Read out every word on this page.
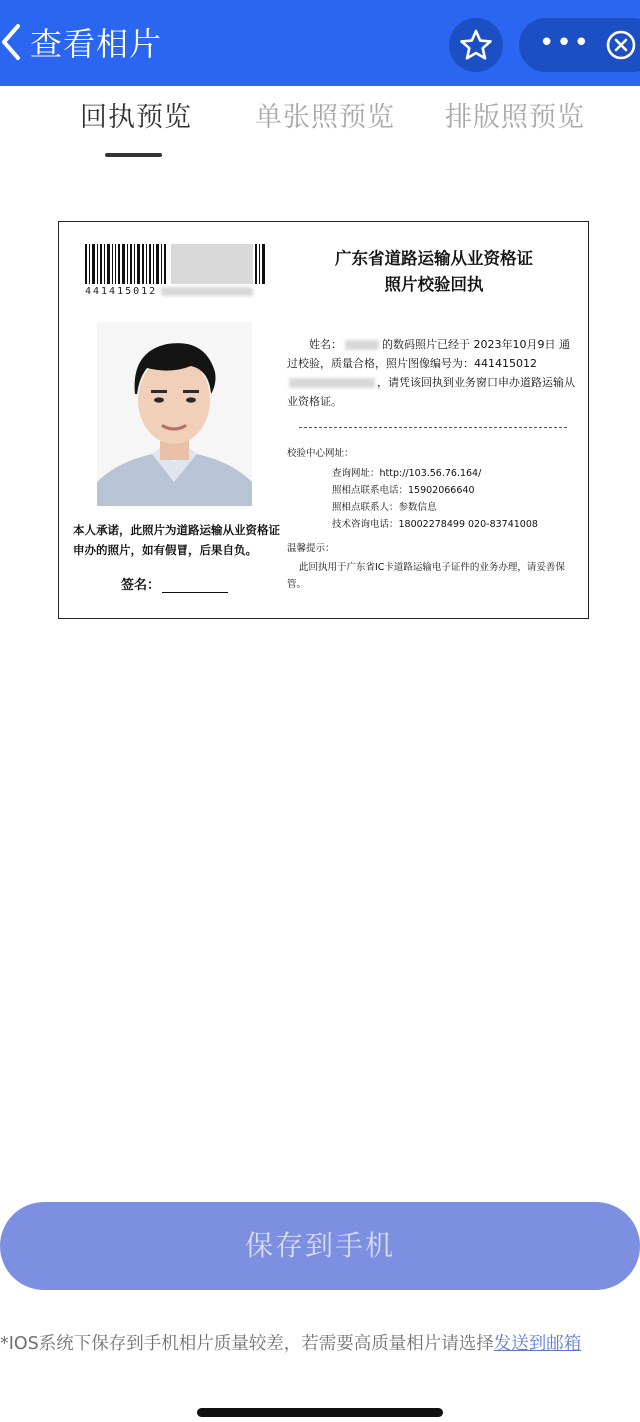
查看相片	•••
回执预览 单张照预览 排版照预览
441415012
本人承诺，此照片为道路运输从业资格证申办的照片，如有假冒，后果自负。
签名：
广东省道路运输从业资格证
照片校验回执
姓名：	的数码照片已经于 2023年10月9日 通过校验，质量合格，照片图像编号为：441415012，请凭该回执到业务窗口申办道路运输从业资格证。
校验中心网址：
查询网址：http://103.56.76.164/
照相点联系电话：15902066640
照相点联系人：参数信息
技术咨询电话：18002278499 020-83741008
温馨提示：
此回执用于广东省IC卡道路运输电子证件的业务办理，请妥善保管。
保存到手机
*IOS系统下保存到手机相片质量较差，若需要高质量相片请选择发送到邮箱
